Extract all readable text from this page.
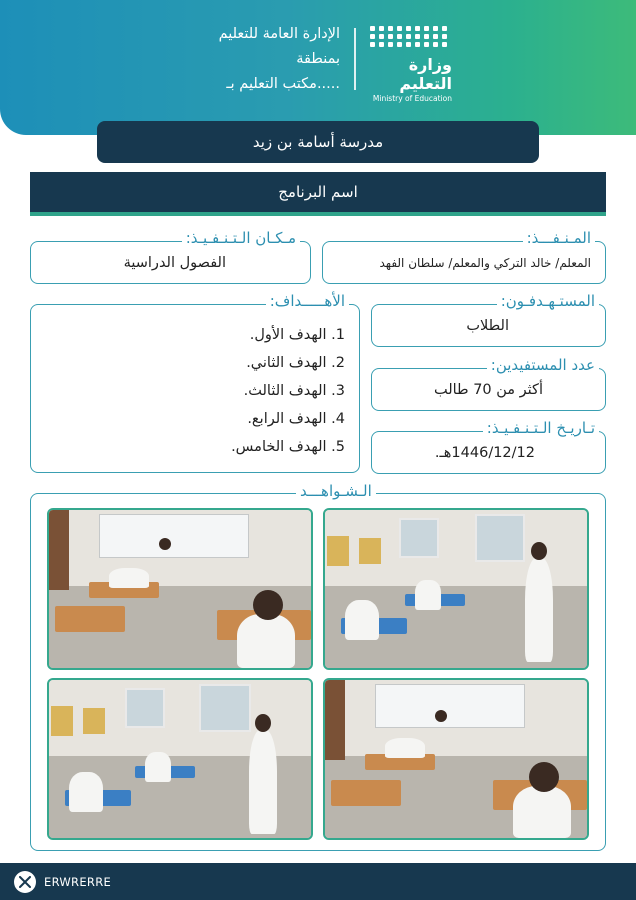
الإدارة العامة للتعليم
بمنطقة
مكتب التعليم بـ.....
وزارة التعليم
Ministry of Education
مدرسة أسامة بن زيد
اسم البرنامج
المـنـفـــذ:
المعلم/ خالد التركي والمعلم/ سلطان الفهد
مـكـان الـتـنـفـيـذ:
الفصول الدراسية
الأهـــــداف:
1. الهدف الأول.
2. الهدف الثاني.
3. الهدف الثالث.
4. الهدف الرابع.
5. الهدف الخامس.
المستـهـدفـون:
الطلاب
عدد المستفيدين:
أكثر من 70 طالب
تـاريـخ الـتـنـفـيـذ:
1446/12/12هـ.
الـشـواهـــد
ERWRERRE
